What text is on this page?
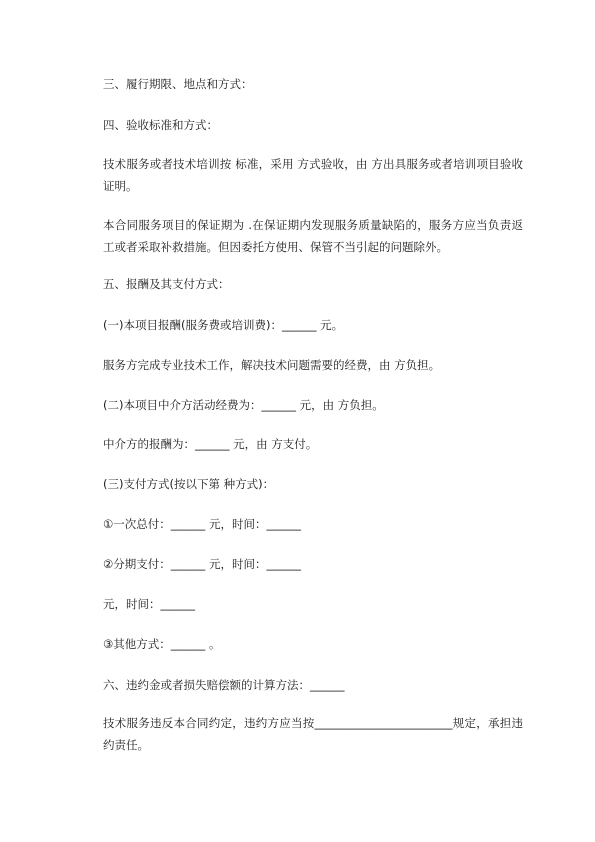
三、履行期限、地点和方式：
四、验收标准和方式：
技术服务或者技术培训按 标准，采用 方式验收，由 方出具服务或者培训项目验收证明。
本合同服务项目的保证期为 .在保证期内发现服务质量缺陷的，服务方应当负责返工或者采取补救措施。但因委托方使用、保管不当引起的问题除外。
五、报酬及其支付方式：
(一)本项目报酬(服务费或培训费)：______ 元。
服务方完成专业技术工作，解决技术问题需要的经费，由 方负担。
(二)本项目中介方活动经费为：______ 元，由 方负担。
中介方的报酬为：______ 元，由 方支付。
(三)支付方式(按以下第 种方式)：
①一次总付：______ 元，时间：______
②分期支付：______ 元，时间：______
元，时间：______
③其他方式：______ 。
六、违约金或者损失赔偿额的计算方法：______
技术服务违反本合同约定，违约方应当按________________________规定，承担违约责任。
